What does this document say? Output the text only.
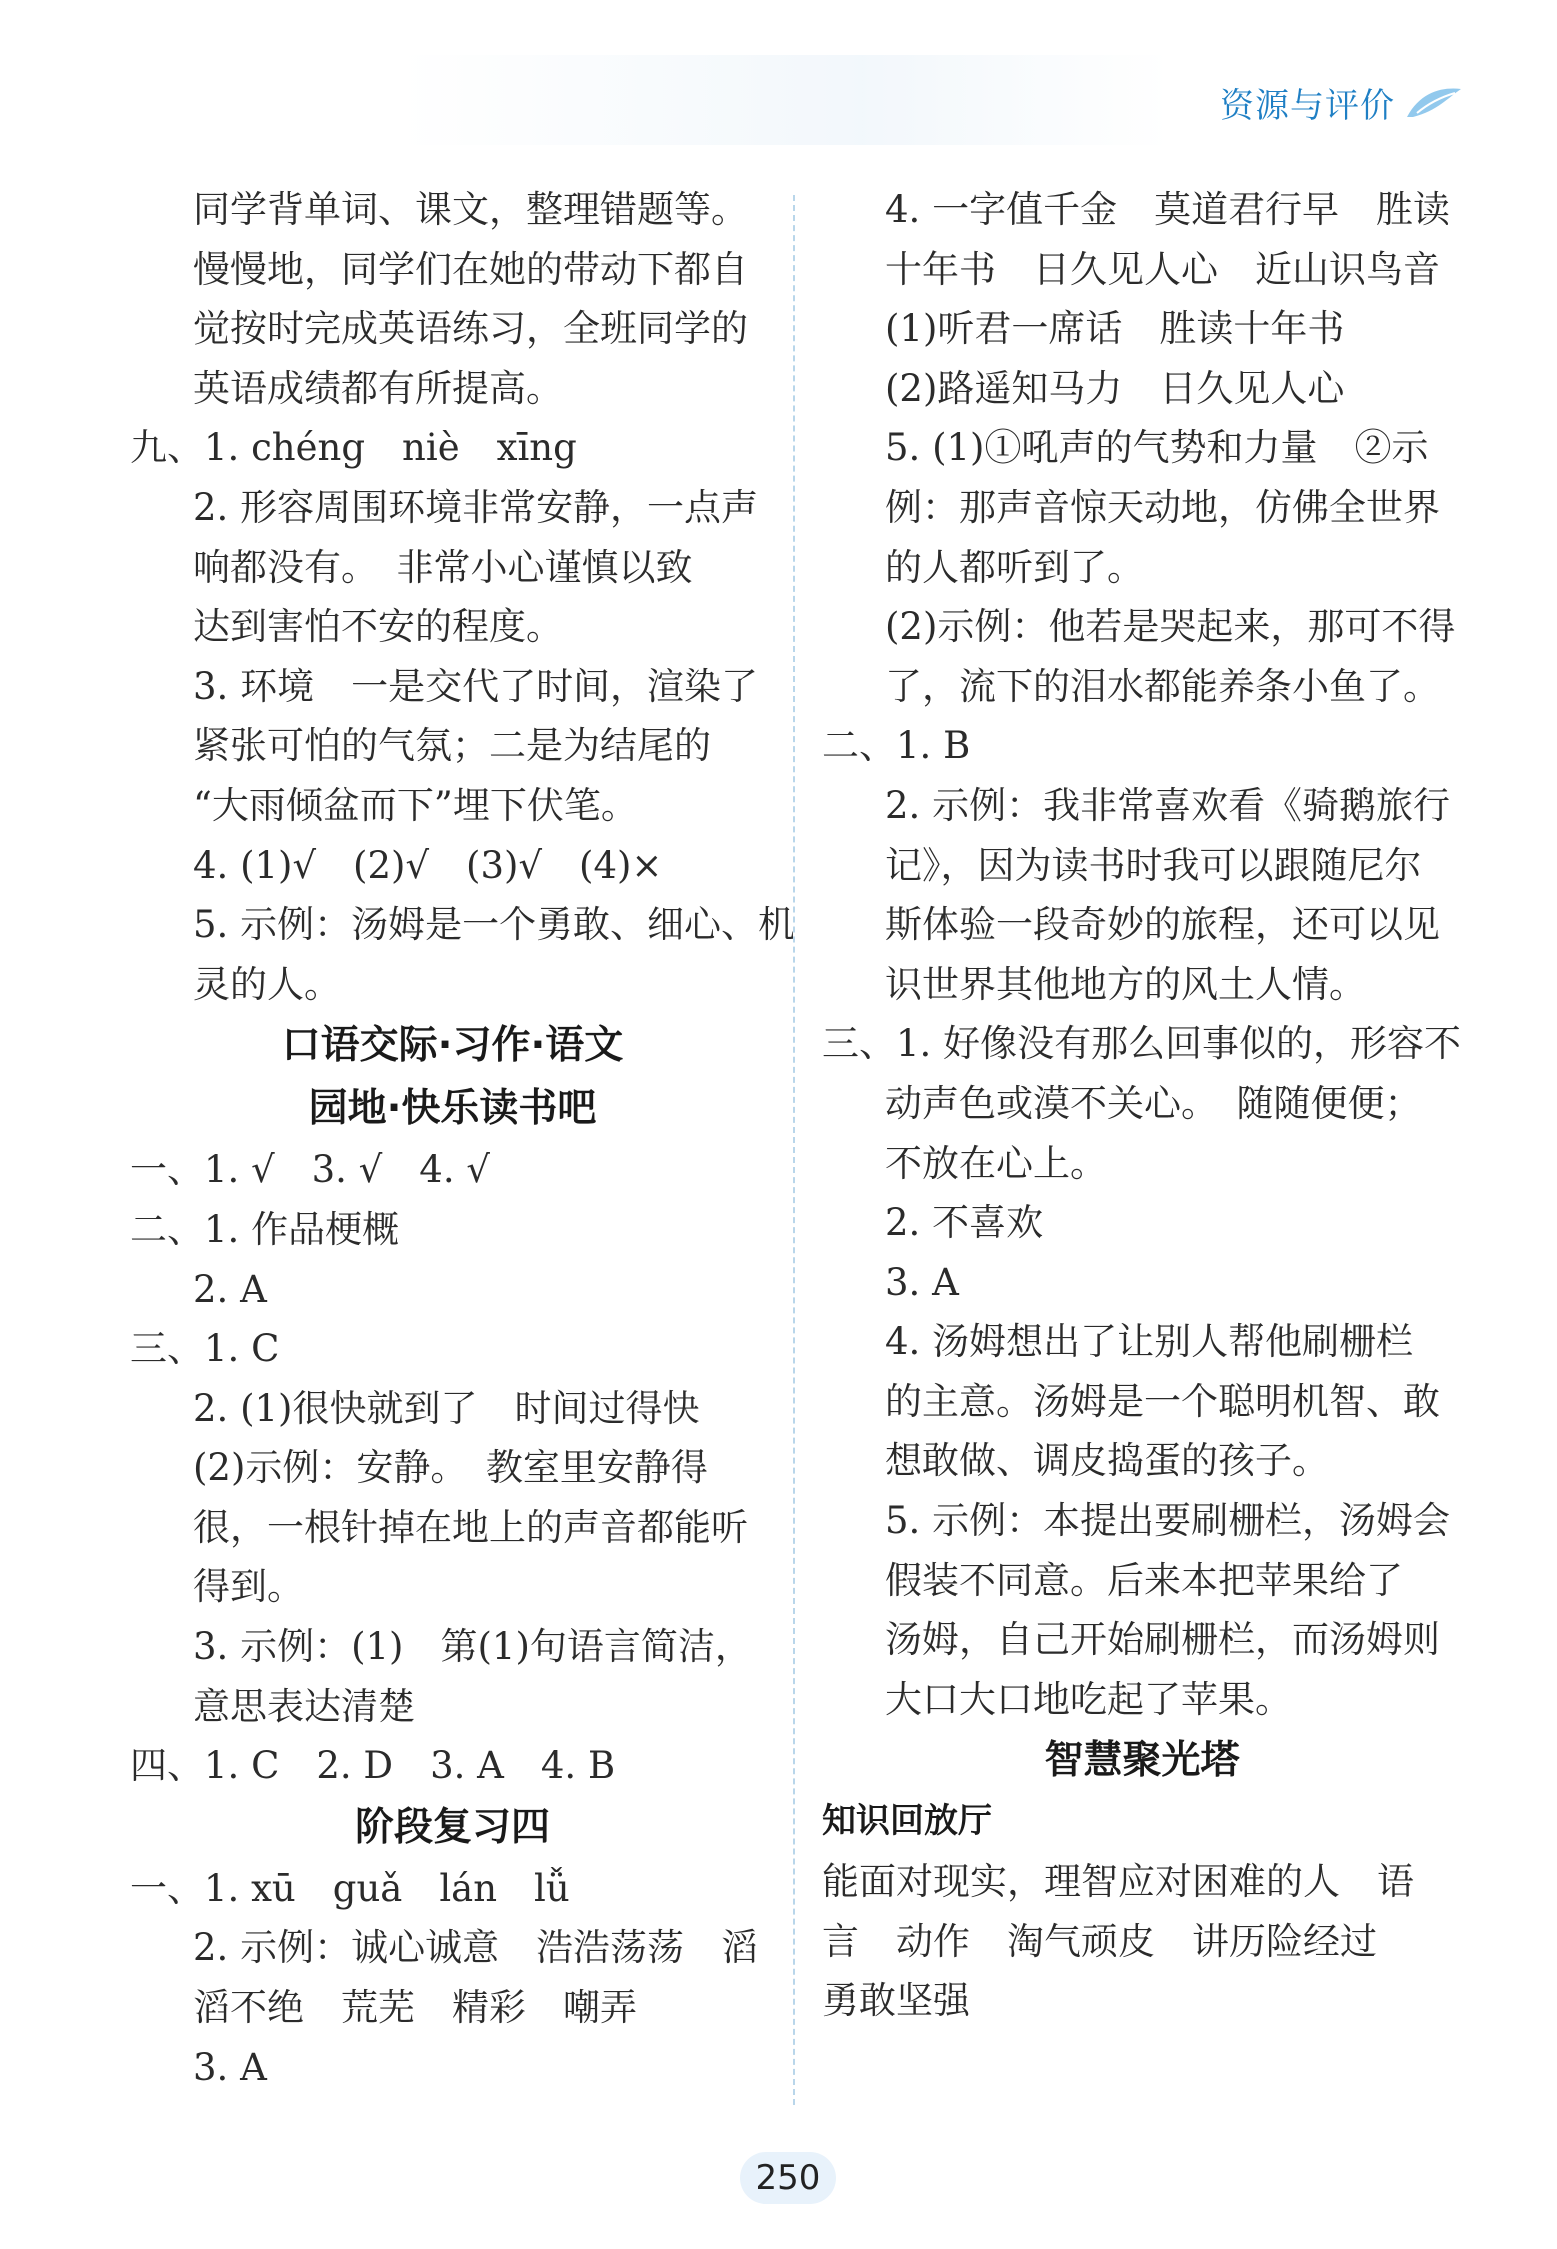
资源与评价
同学背单词、课文，整理错题等。
慢慢地，同学们在她的带动下都自
觉按时完成英语练习，全班同学的
英语成绩都有所提高。
九、1. chéng　niè　xīng
2. 形容周围环境非常安静，一点声
响都没有。　非常小心谨慎以致
达到害怕不安的程度。
3. 环境　一是交代了时间，渲染了
紧张可怕的气氛；二是为结尾的
“大雨倾盆而下”埋下伏笔。
4. (1)√　(2)√　(3)√　(4)×
5. 示例：汤姆是一个勇敢、细心、机
灵的人。
口语交际·习作·语文
园地·快乐读书吧
一、1. √　3. √　4. √
二、1. 作品梗概
2. A
三、1. C
2. (1)很快就到了　时间过得快
(2)示例：安静。　教室里安静得
很，一根针掉在地上的声音都能听
得到。
3. 示例：(1)　第(1)句语言简洁，
意思表达清楚
四、1. C　2. D　3. A　4. B
阶段复习四
一、1. xū　guǎ　lán　lǚ
2. 示例：诚心诚意　浩浩荡荡　滔
滔不绝　荒芜　精彩　嘲弄
3. A
4. 一字值千金　莫道君行早　胜读
十年书　日久见人心　近山识鸟音
(1)听君一席话　胜读十年书
(2)路遥知马力　日久见人心
5. (1)①吼声的气势和力量　②示
例：那声音惊天动地，仿佛全世界
的人都听到了。
(2)示例：他若是哭起来，那可不得
了，流下的泪水都能养条小鱼了。
二、1. B
2. 示例：我非常喜欢看《骑鹅旅行
记》，因为读书时我可以跟随尼尔
斯体验一段奇妙的旅程，还可以见
识世界其他地方的风土人情。
三、1. 好像没有那么回事似的，形容不
动声色或漠不关心。　随随便便；
不放在心上。
2. 不喜欢
3. A
4. 汤姆想出了让别人帮他刷栅栏
的主意。汤姆是一个聪明机智、敢
想敢做、调皮捣蛋的孩子。
5. 示例：本提出要刷栅栏，汤姆会
假装不同意。后来本把苹果给了
汤姆，自己开始刷栅栏，而汤姆则
大口大口地吃起了苹果。
智慧聚光塔
知识回放厅
能面对现实，理智应对困难的人　语
言　动作　淘气顽皮　讲历险经过
勇敢坚强
250
